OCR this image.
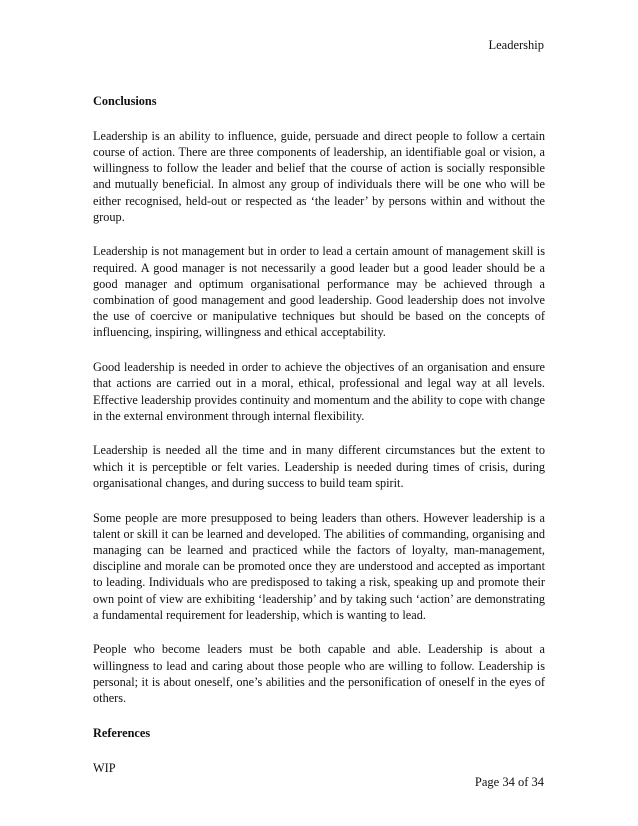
Leadership
Conclusions

Leadership is an ability to influence, guide, persuade and direct people to follow a certain course of action. There are three components of leadership, an identifiable goal or vision, a willingness to follow the leader and belief that the course of action is socially responsible and mutually beneficial. In almost any group of individuals there will be one who will be either recognised, held-out or respected as ‘the leader’ by persons within and without the group.

Leadership is not management but in order to lead a certain amount of management skill is required. A good manager is not necessarily a good leader but a good leader should be a good manager and optimum organisational performance may be achieved through a combination of good management and good leadership. Good leadership does not involve the use of coercive or manipulative techniques but should be based on the concepts of influencing, inspiring, willingness and ethical acceptability.

Good leadership is needed in order to achieve the objectives of an organisation and ensure that actions are carried out in a moral, ethical, professional and legal way at all levels. Effective leadership provides continuity and momentum and the ability to cope with change in the external environment through internal flexibility.

Leadership is needed all the time and in many different circumstances but the extent to which it is perceptible or felt varies. Leadership is needed during times of crisis, during organisational changes, and during success to build team spirit.

Some people are more presupposed to being leaders than others. However leadership is a talent or skill it can be learned and developed. The abilities of commanding, organising and managing can be learned and practiced while the factors of loyalty, man-management, discipline and morale can be promoted once they are understood and accepted as important to leading. Individuals who are predisposed to taking a risk, speaking up and promote their own point of view are exhibiting ‘leadership’ and by taking such ‘action’ are demonstrating a fundamental requirement for leadership, which is wanting to lead.

People who become leaders must be both capable and able. Leadership is about a willingness to lead and caring about those people who are willing to follow. Leadership is personal; it is about oneself, one’s abilities and the personification of oneself in the eyes of others.

References

WIP

Page 34 of 34
